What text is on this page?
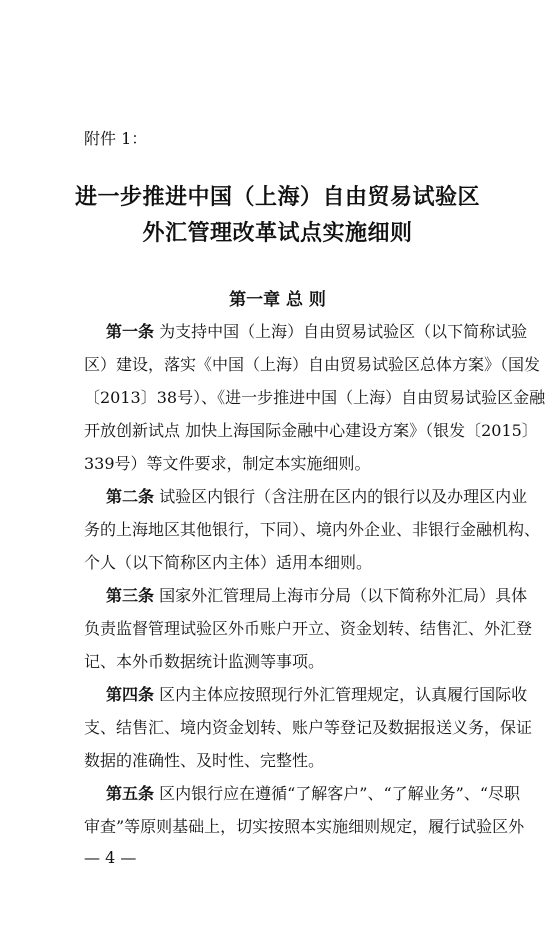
附件 1：
进一步推进中国（上海）自由贸易试验区
外汇管理改革试点实施细则
第一章 总 则
第一条 为支持中国（上海）自由贸易试验区（以下简称试验
区）建设，落实《中国（上海）自由贸易试验区总体方案》（国发
〔2013〕38号）、《进一步推进中国（上海）自由贸易试验区金融
开放创新试点 加快上海国际金融中心建设方案》（银发〔2015〕
339号）等文件要求，制定本实施细则。
第二条 试验区内银行（含注册在区内的银行以及办理区内业
务的上海地区其他银行，下同）、境内外企业、非银行金融机构、
个人（以下简称区内主体）适用本细则。
第三条 国家外汇管理局上海市分局（以下简称外汇局）具体
负责监督管理试验区外币账户开立、资金划转、结售汇、外汇登
记、本外币数据统计监测等事项。
第四条 区内主体应按照现行外汇管理规定，认真履行国际收
支、结售汇、境内资金划转、账户等登记及数据报送义务，保证
数据的准确性、及时性、完整性。
第五条 区内银行应在遵循“了解客户”、“了解业务”、“尽职
审查”等原则基础上，切实按照本实施细则规定，履行试验区外
— 4 —
